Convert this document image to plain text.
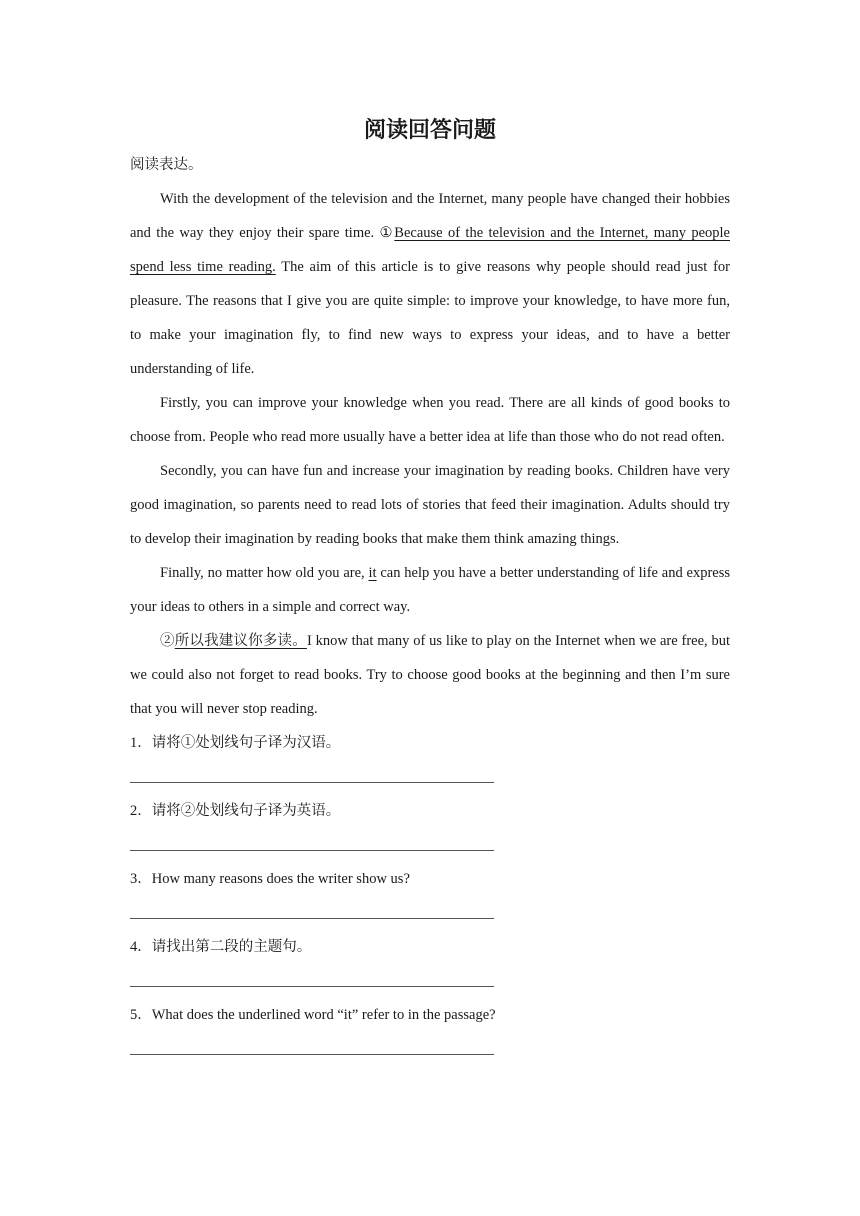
阅读回答问题

阅读表达。

With the development of the television and the Internet, many people have changed their hobbies and the way they enjoy their spare time. ①Because of the television and the Internet, many people spend less time reading. The aim of this article is to give reasons why people should read just for pleasure. The reasons that I give you are quite simple: to improve your knowledge, to have more fun, to make your imagination fly, to find new ways to express your ideas, and to have a better understanding of life.

Firstly, you can improve your knowledge when you read. There are all kinds of good books to choose from. People who read more usually have a better idea at life than those who do not read often.

Secondly, you can have fun and increase your imagination by reading books. Children have very good imagination, so parents need to read lots of stories that feed their imagination. Adults should try to develop their imagination by reading books that make them think amazing things.

Finally, no matter how old you are, it can help you have a better understanding of life and express your ideas to others in a simple and correct way.

②所以我建议你多读。I know that many of us like to play on the Internet when we are free, but we could also not forget to read books. Try to choose good books at the beginning and then I’m sure that you will never stop reading.

1．请将①处划线句子译为汉语。

2．请将②处划线句子译为英语。

3．How many reasons does the writer show us?

4．请找出第二段的主题句。

5．What does the underlined word “it” refer to in the passage?
